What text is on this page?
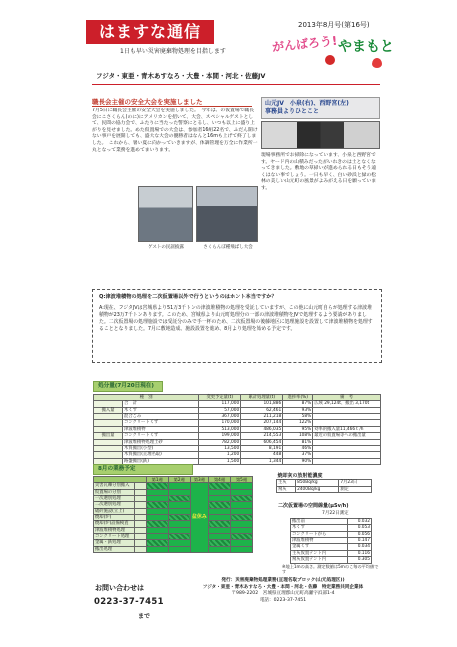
はますな通信	2013年8月号(第16号)
1日も早い災害廃棄物処理を目指します	がんばろう! やまもと
フジタ・東亜・青木あすなろ・大豊・本間・河北・佐藤JV
職長会主催の安全大会を実施しました
7月5日に職長会主催の安全大会を実施しました。　今年は、の仮置場で職長会にこさくらん(のに)にアメリカンを招いて、大会、スペシャルゲストとして、民間の協力会で、ふたりに当たった警察にとるし、いつも以上に盛り上がりを見せました。めた仮置場での大会は、参加者16組22名で、ふだん開けない事戸を展開しても、盛大な大会の優勝者はなんと16mも上げて終了しました。　これから、暑い夏に向かっていきますが、体調管理を万全に作業所一丸となって業務を進めてまいります。
ゲストの民謡披露	さくらんぼ種飛ばし大会
山元JV　小泉(右)、西野宮(左)
事務員よりひとこと
現場事務所でお掃除になっています、小泉と西野宮です。ヤード内の山積みだったがいれきのは土となくなってきました。敷地の草掃いが進められる日もそう遠くはない事でしょう。一日も早く、白い砂浜と緑の松林の美しい山元町の風景がよみがえる日を願っています。
Q:津波堆積物の処理を二次仮置場以外で行うというのはホント本当ですか？
A:現在、フジタJVは宮城県より51万3千トンの津波堆積物の処理を受託していますが、この他に山元町自らが処理する津波堆積物が23万7千トンあります。このため、宮城県より山元町処理分の一部の津波堆積物をJVで処理するよう要請がありました。二次仮置場の処理施設では受託分のみで手一杯のため、二次仮置場の後藤地区に処理施設を設置して津波堆積物を処理することとなりました。7月に敷地造成、施設設置を進め、8月より処理を始める予定です。
処分量(7月20日現在)
種　別		変更予定量(t)	累計処理量(t)	進捗率(%)	備　考
	合　計	117,000	101,886	87%	広域 29,124t、搬出 3,170t
搬入量	木くず	57,000	62,461	93%	
	混合ごみ	367,000	211,218	58%	
	コンクリートくず	170,000	207,144	122%	
	津波堆積物	513,000	486,035	95%	効率的搬入量11,466ｔ/h
搬出量	コンクリートくず	199,000	214,553	108%	最近の仮置場等への搬出量
	津波堆積物処理土砂	782,000	606,454	81%	
	木質搬出(小型)	13,500	8,191	46%	
	木質搬出(亘理名取)	1,200	448	37%	
	路盤搬出(鉄)	1,500	1,344	90%	
8月の業務予定
		第1週	第2週	第3週	第4週	第5週
災害瓦礫分別搬入				盆休み		
仮置場の分別						
一次選別処理						
二次選別処理						
破砕施設(立上)						
焼却(炉)						
焼却(炉)設備検査						
津波堆積物処理						
コンクリート処理						
金属・鉄処理						
搬出処理						
焼却灰の放射能濃度		
主灰	850Bq/kg	7月23日
飛灰	2400Bq/kg	測定
二次仮置場の空間線量(μSv/h)
7月22日測定
搬出前	0.032
木くず	0.053
コンクリートがら	0.056
津波堆積物	0.147
金属くず	0.034
主灰仮置テント内	0.116
飛灰仮置テント内	0.305
※地上1mの高さ。測定数値は5mのこ毎の平均値です
お問い合わせは
0223-37-7451
まで
発行：災害廃棄物処理業務(亘理名取ブロック(山元処理区))
フジタ・東亜・青木あすなろ・大豊・本間・河北・佐藤　特定業務共同企業体
〒989-2202　宮城県亘理郡山元町高瀬字浜部1-4
電話：0223-37-7451
